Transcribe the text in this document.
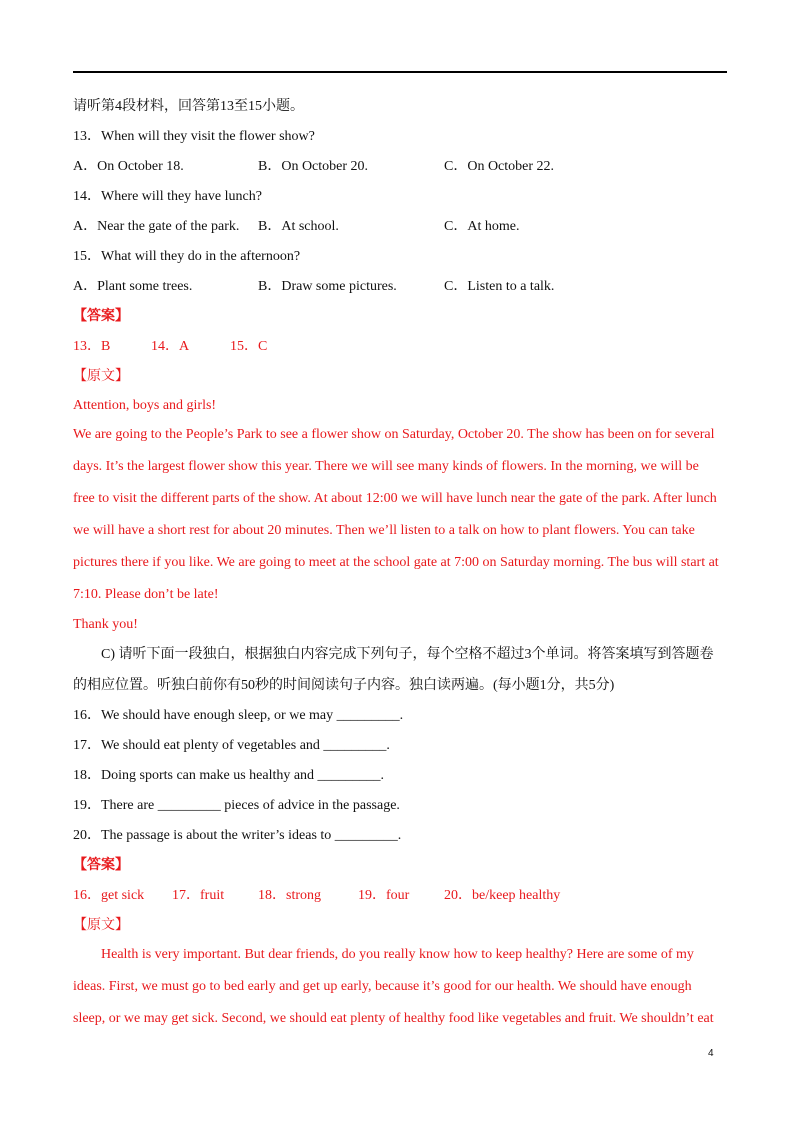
请听第4段材料，回答第13至15小题。
13．When will they visit the flower show?
A．On October 18.	B．On October 20.	C．On October 22.
14．Where will they have lunch?
A．Near the gate of the park. B．At school.	C．At home.
15．What will they do in the afternoon?
A．Plant some trees.	B．Draw some pictures.	C．Listen to a talk.
【答案】
13．B	14．A	15．C
【原文】
Attention, boys and girls!
We are going to the People’s Park to see a flower show on Saturday, October 20. The show has been on for several
days. It’s the largest flower show this year. There we will see many kinds of flowers. In the morning, we will be
free to visit the different parts of the show. At about 12:00 we will have lunch near the gate of the park. After lunch
we will have a short rest for about 20 minutes. Then we’ll listen to a talk on how to plant flowers. You can take
pictures there if you like. We are going to meet at the school gate at 7:00 on Saturday morning. The bus will start at
7:10. Please don’t be late!
Thank you!
C) 请听下面一段独白，根据独白内容完成下列句子，每个空格不超过3个单词。将答案填写到答题卷
的相应位置。听独白前你有50秒的时间阅读句子内容。独白读两遍。(每小题1分，共5分)
16．We should have enough sleep, or we may _________.
17．We should eat plenty of vegetables and _________.
18．Doing sports can make us healthy and _________.
19．There are _________ pieces of advice in the passage.
20．The passage is about the writer’s ideas to _________.
【答案】
16．get sick 17．fruit 18．strong	19．four 20．be/keep healthy
【原文】
Health is very important. But dear friends, do you really know how to keep healthy? Here are some of my
ideas. First, we must go to bed early and get up early, because it’s good for our health. We should have enough
sleep, or we may get sick. Second, we should eat plenty of healthy food like vegetables and fruit. We shouldn’t eat
4
